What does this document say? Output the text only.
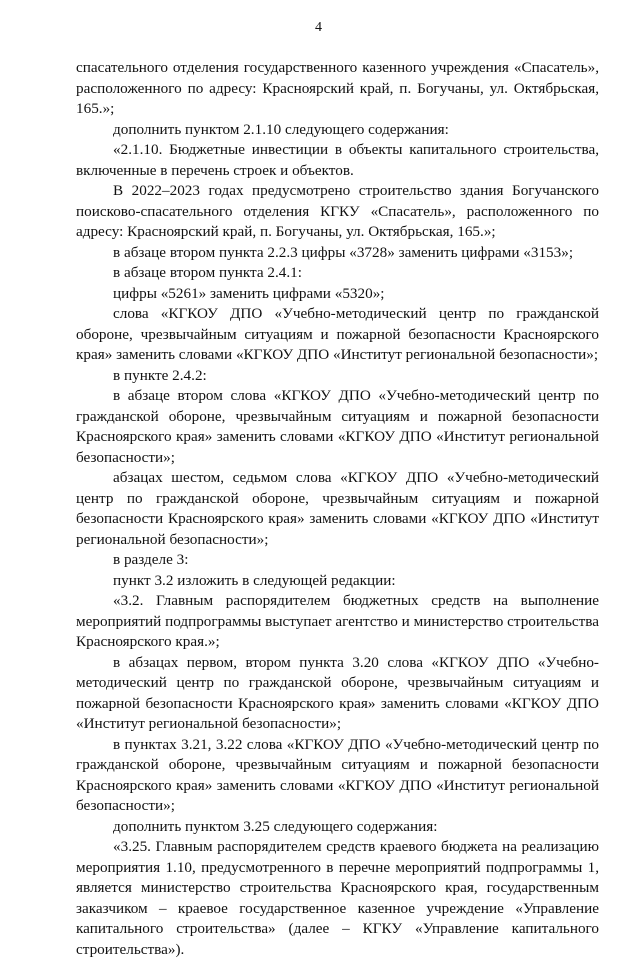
4

спасательного отделения государственного казенного учреждения «Спасатель», расположенного по адресу: Красноярский край, п. Богучаны, ул. Октябрьская, 165.»;

дополнить пунктом 2.1.10 следующего содержания:

«2.1.10. Бюджетные инвестиции в объекты капитального строительства, включенные в перечень строек и объектов.

В 2022–2023 годах предусмотрено строительство здания Богучанского поисково-спасательного отделения КГКУ «Спасатель», расположенного по адресу: Красноярский край, п. Богучаны, ул. Октябрьская, 165.»;

в абзаце втором пункта 2.2.3 цифры «3728» заменить цифрами «3153»;

в абзаце втором пункта 2.4.1:

цифры «5261» заменить цифрами «5320»;

слова «КГКОУ ДПО «Учебно-методический центр по гражданской обороне, чрезвычайным ситуациям и пожарной безопасности Красноярского края» заменить словами «КГКОУ ДПО «Институт региональной безопасности»;

в пункте 2.4.2:

в абзаце втором слова «КГКОУ ДПО «Учебно-методический центр по гражданской обороне, чрезвычайным ситуациям и пожарной безопасности Красноярского края» заменить словами «КГКОУ ДПО «Институт региональной безопасности»;

абзацах шестом, седьмом слова «КГКОУ ДПО «Учебно-методический центр по гражданской обороне, чрезвычайным ситуациям и пожарной безопасности Красноярского края» заменить словами «КГКОУ ДПО «Институт региональной безопасности»;

в разделе 3:

пункт 3.2 изложить в следующей редакции:

«3.2. Главным распорядителем бюджетных средств на выполнение мероприятий подпрограммы выступает агентство и министерство строительства Красноярского края.»;

в абзацах первом, втором пункта 3.20 слова «КГКОУ ДПО «Учебно-методический центр по гражданской обороне, чрезвычайным ситуациям и пожарной безопасности Красноярского края» заменить словами «КГКОУ ДПО «Институт региональной безопасности»;

в пунктах 3.21, 3.22 слова «КГКОУ ДПО «Учебно-методический центр по гражданской обороне, чрезвычайным ситуациям и пожарной безопасности Красноярского края» заменить словами «КГКОУ ДПО «Институт региональной безопасности»;

дополнить пунктом 3.25 следующего содержания:

«3.25. Главным распорядителем средств краевого бюджета на реализацию мероприятия 1.10, предусмотренного в перечне мероприятий подпрограммы 1, является министерство строительства Красноярского края, государственным заказчиком – краевое государственное казенное учреждение «Управление капитального строительства» (далее – КГКУ «Управление капитального строительства»).
